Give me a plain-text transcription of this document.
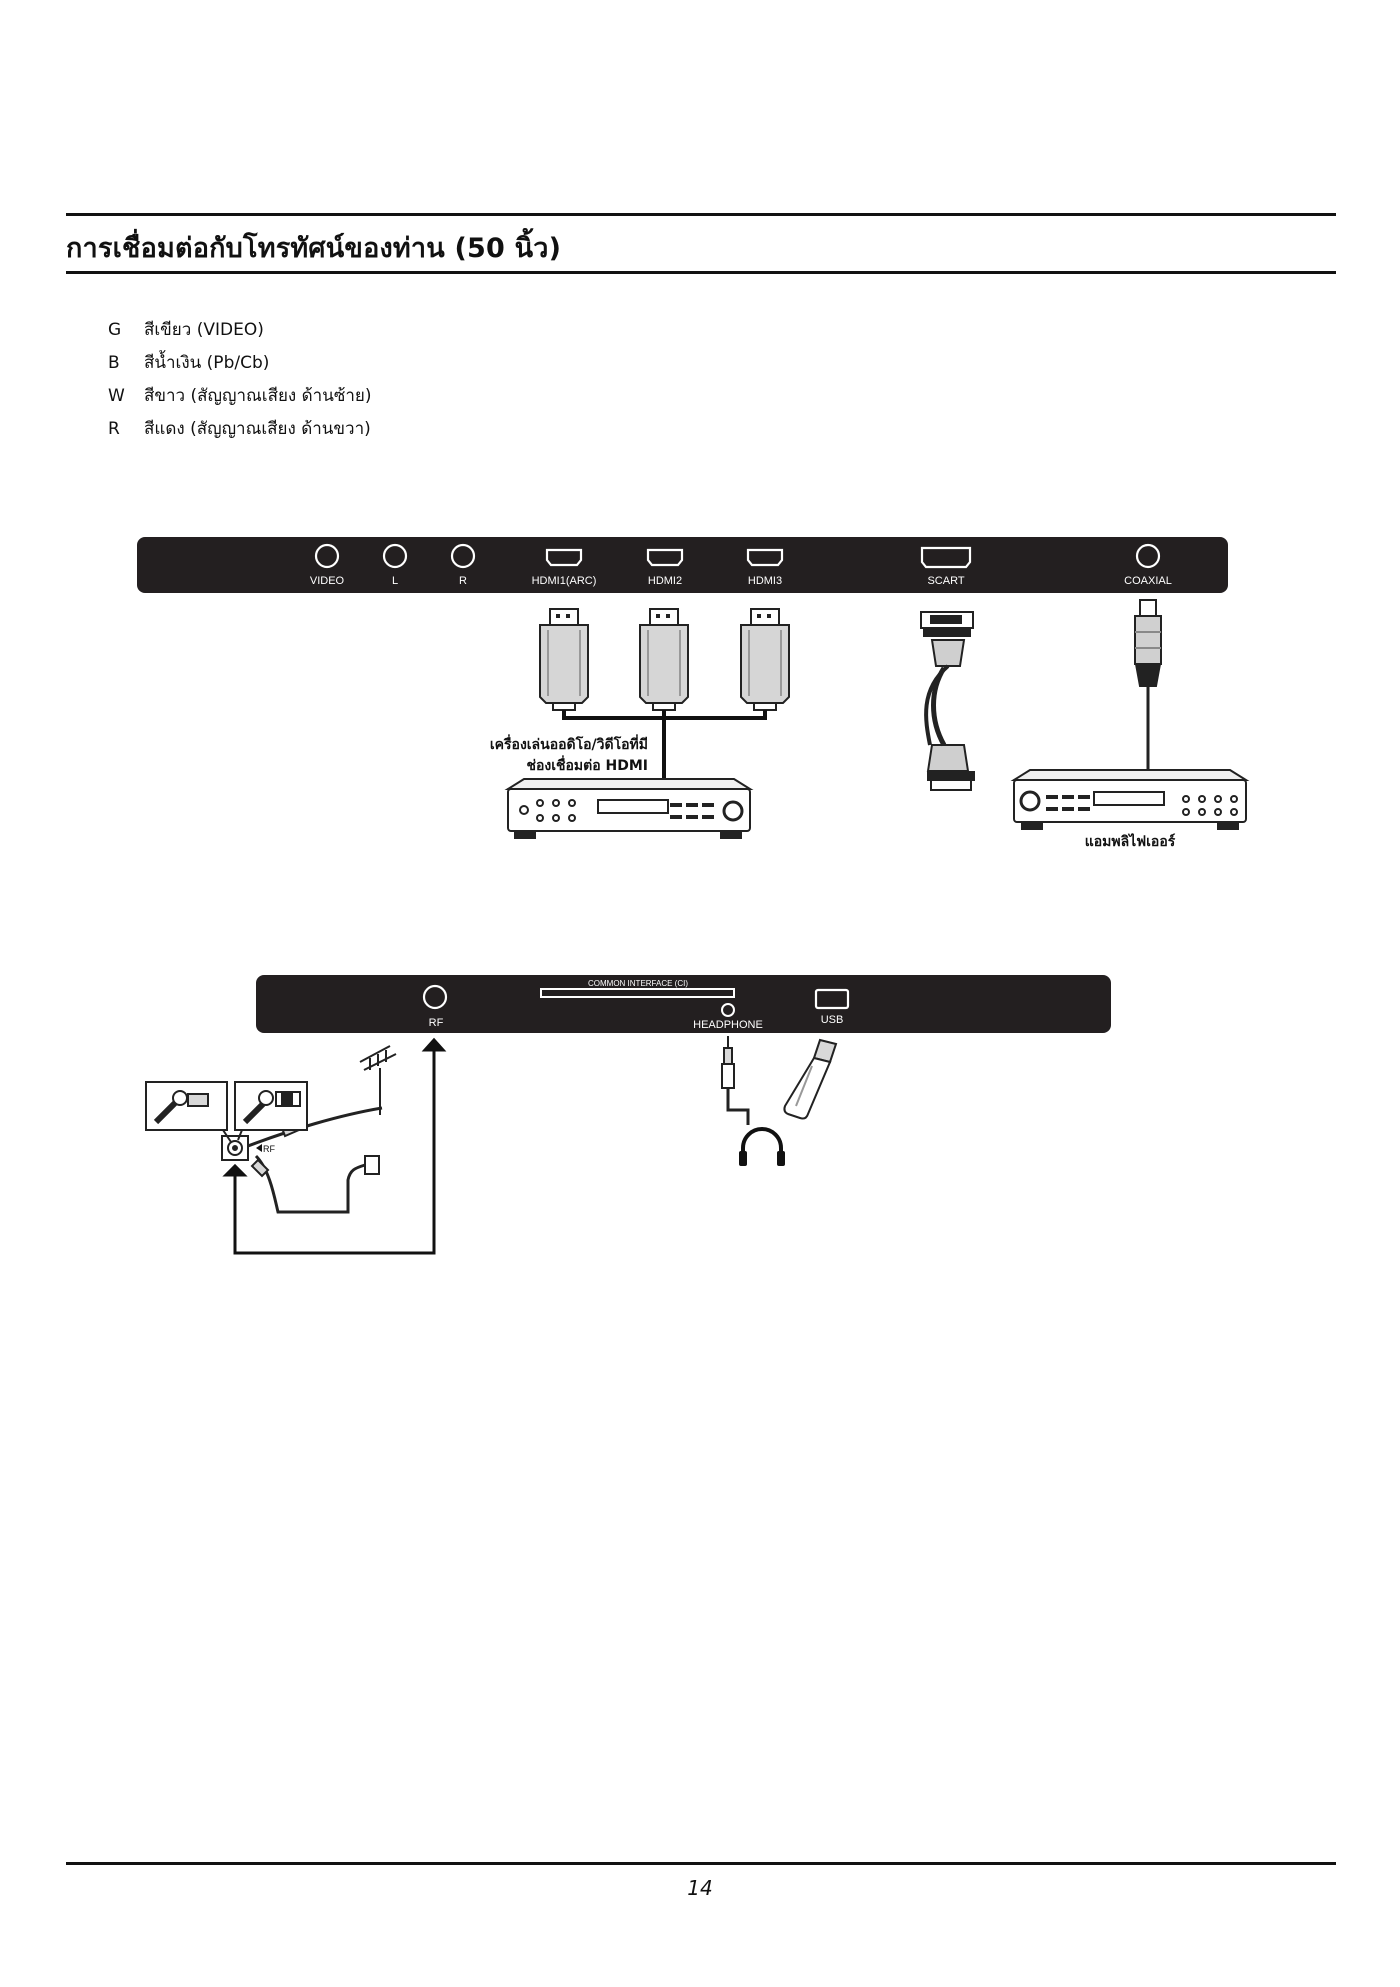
การเชื่อมต่อกับโทรทัศน์ของท่าน (50 นิ้ว)
G	สีเขียว (VIDEO)
B	สีน้ำเงิน (Pb/Cb)
W	สีขาว (สัญญาณเสียง ด้านซ้าย)
R	สีแดง (สัญญาณเสียง ด้านขวา)
VIDEO	L	R	HDMI1(ARC)	HDMI2	HDMI3	SCART	COAXIAL
เครื่องเล่นออดิโอ/วิดีโอที่มี
ช่องเชื่อมต่อ HDMI
แอมพลิไฟเออร์
RF
COMMON INTERFACE (CI)
HEADPHONE	USB
RF
14
